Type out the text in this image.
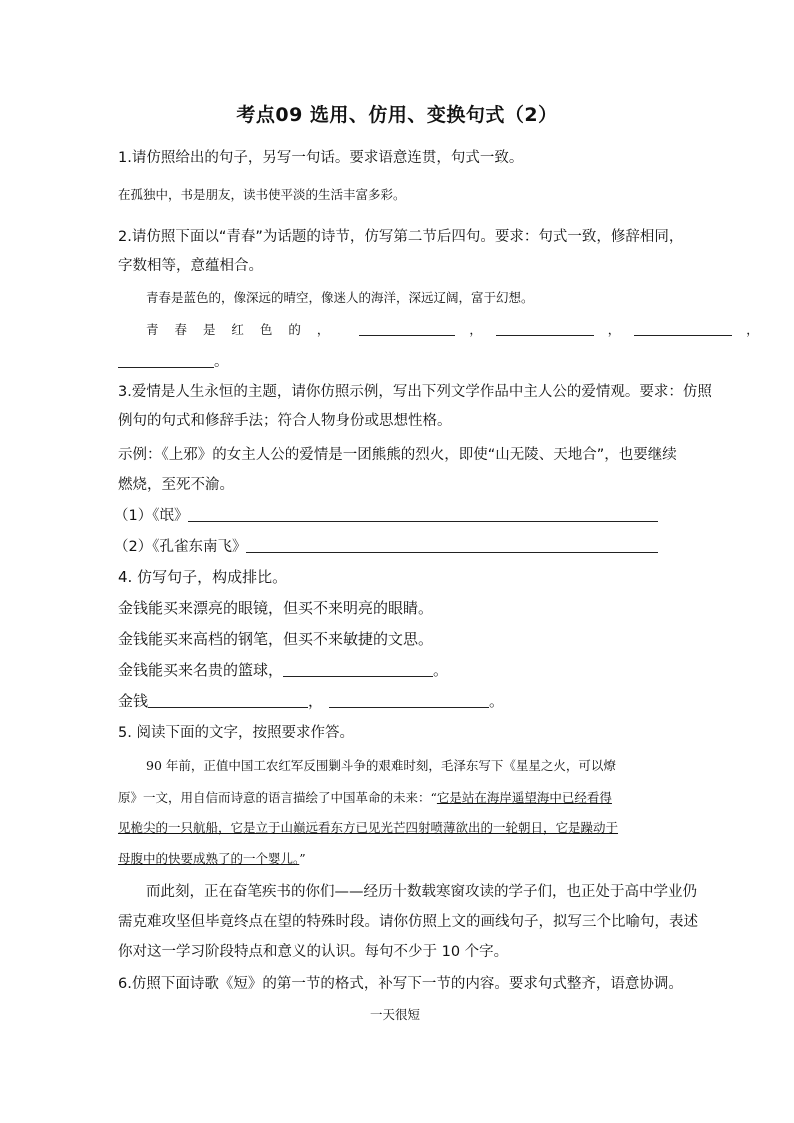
考点09 选用、仿用、变换句式（2）
1.请仿照给出的句子，另写一句话。要求语意连贯，句式一致。
在孤独中，书是朋友，读书使平淡的生活丰富多彩。
2.请仿照下面以“青春”为话题的诗节，仿写第二节后四句。要求：句式一致，修辞相同，
字数相等，意蕴相合。
青春是蓝色的，像深远的晴空，像迷人的海洋，深远辽阔，富于幻想。
青 春 是 红 色 的 ，	，	，	，
。
3.爱情是人生永恒的主题，请你仿照示例，写出下列文学作品中主人公的爱情观。要求：仿照
例句的句式和修辞手法；符合人物身份或思想性格。
示例：《上邪》的女主人公的爱情是一团熊熊的烈火，即使“山无陵、天地合”，也要继续
燃烧，至死不渝。
（1）《氓》
（2）《孔雀东南飞》
4. 仿写句子，构成排比。
金钱能买来漂亮的眼镜，但买不来明亮的眼睛。
金钱能买来高档的钢笔，但买不来敏捷的文思。
金钱能买来名贵的篮球，	。
金钱	，	。
5. 阅读下面的文字，按照要求作答。
90 年前，正值中国工农红军反围剿斗争的艰难时刻，毛泽东写下《星星之火，可以燎
原》一文，用自信而诗意的语言描绘了中国革命的未来：“它是站在海岸遥望海中已经看得
见桅尖的一只航船，它是立于山巅远看东方已见光芒四射喷薄欲出的一轮朝日，它是躁动于
母腹中的快要成熟了的一个婴儿。”
而此刻，正在奋笔疾书的你们——经历十数载寒窗攻读的学子们，也正处于高中学业仍
需克难攻坚但毕竟终点在望的特殊时段。请你仿照上文的画线句子，拟写三个比喻句，表述
你对这一学习阶段特点和意义的认识。每句不少于 10 个字。
6.仿照下面诗歌《短》的第一节的格式，补写下一节的内容。要求句式整齐，语意协调。
一天很短
